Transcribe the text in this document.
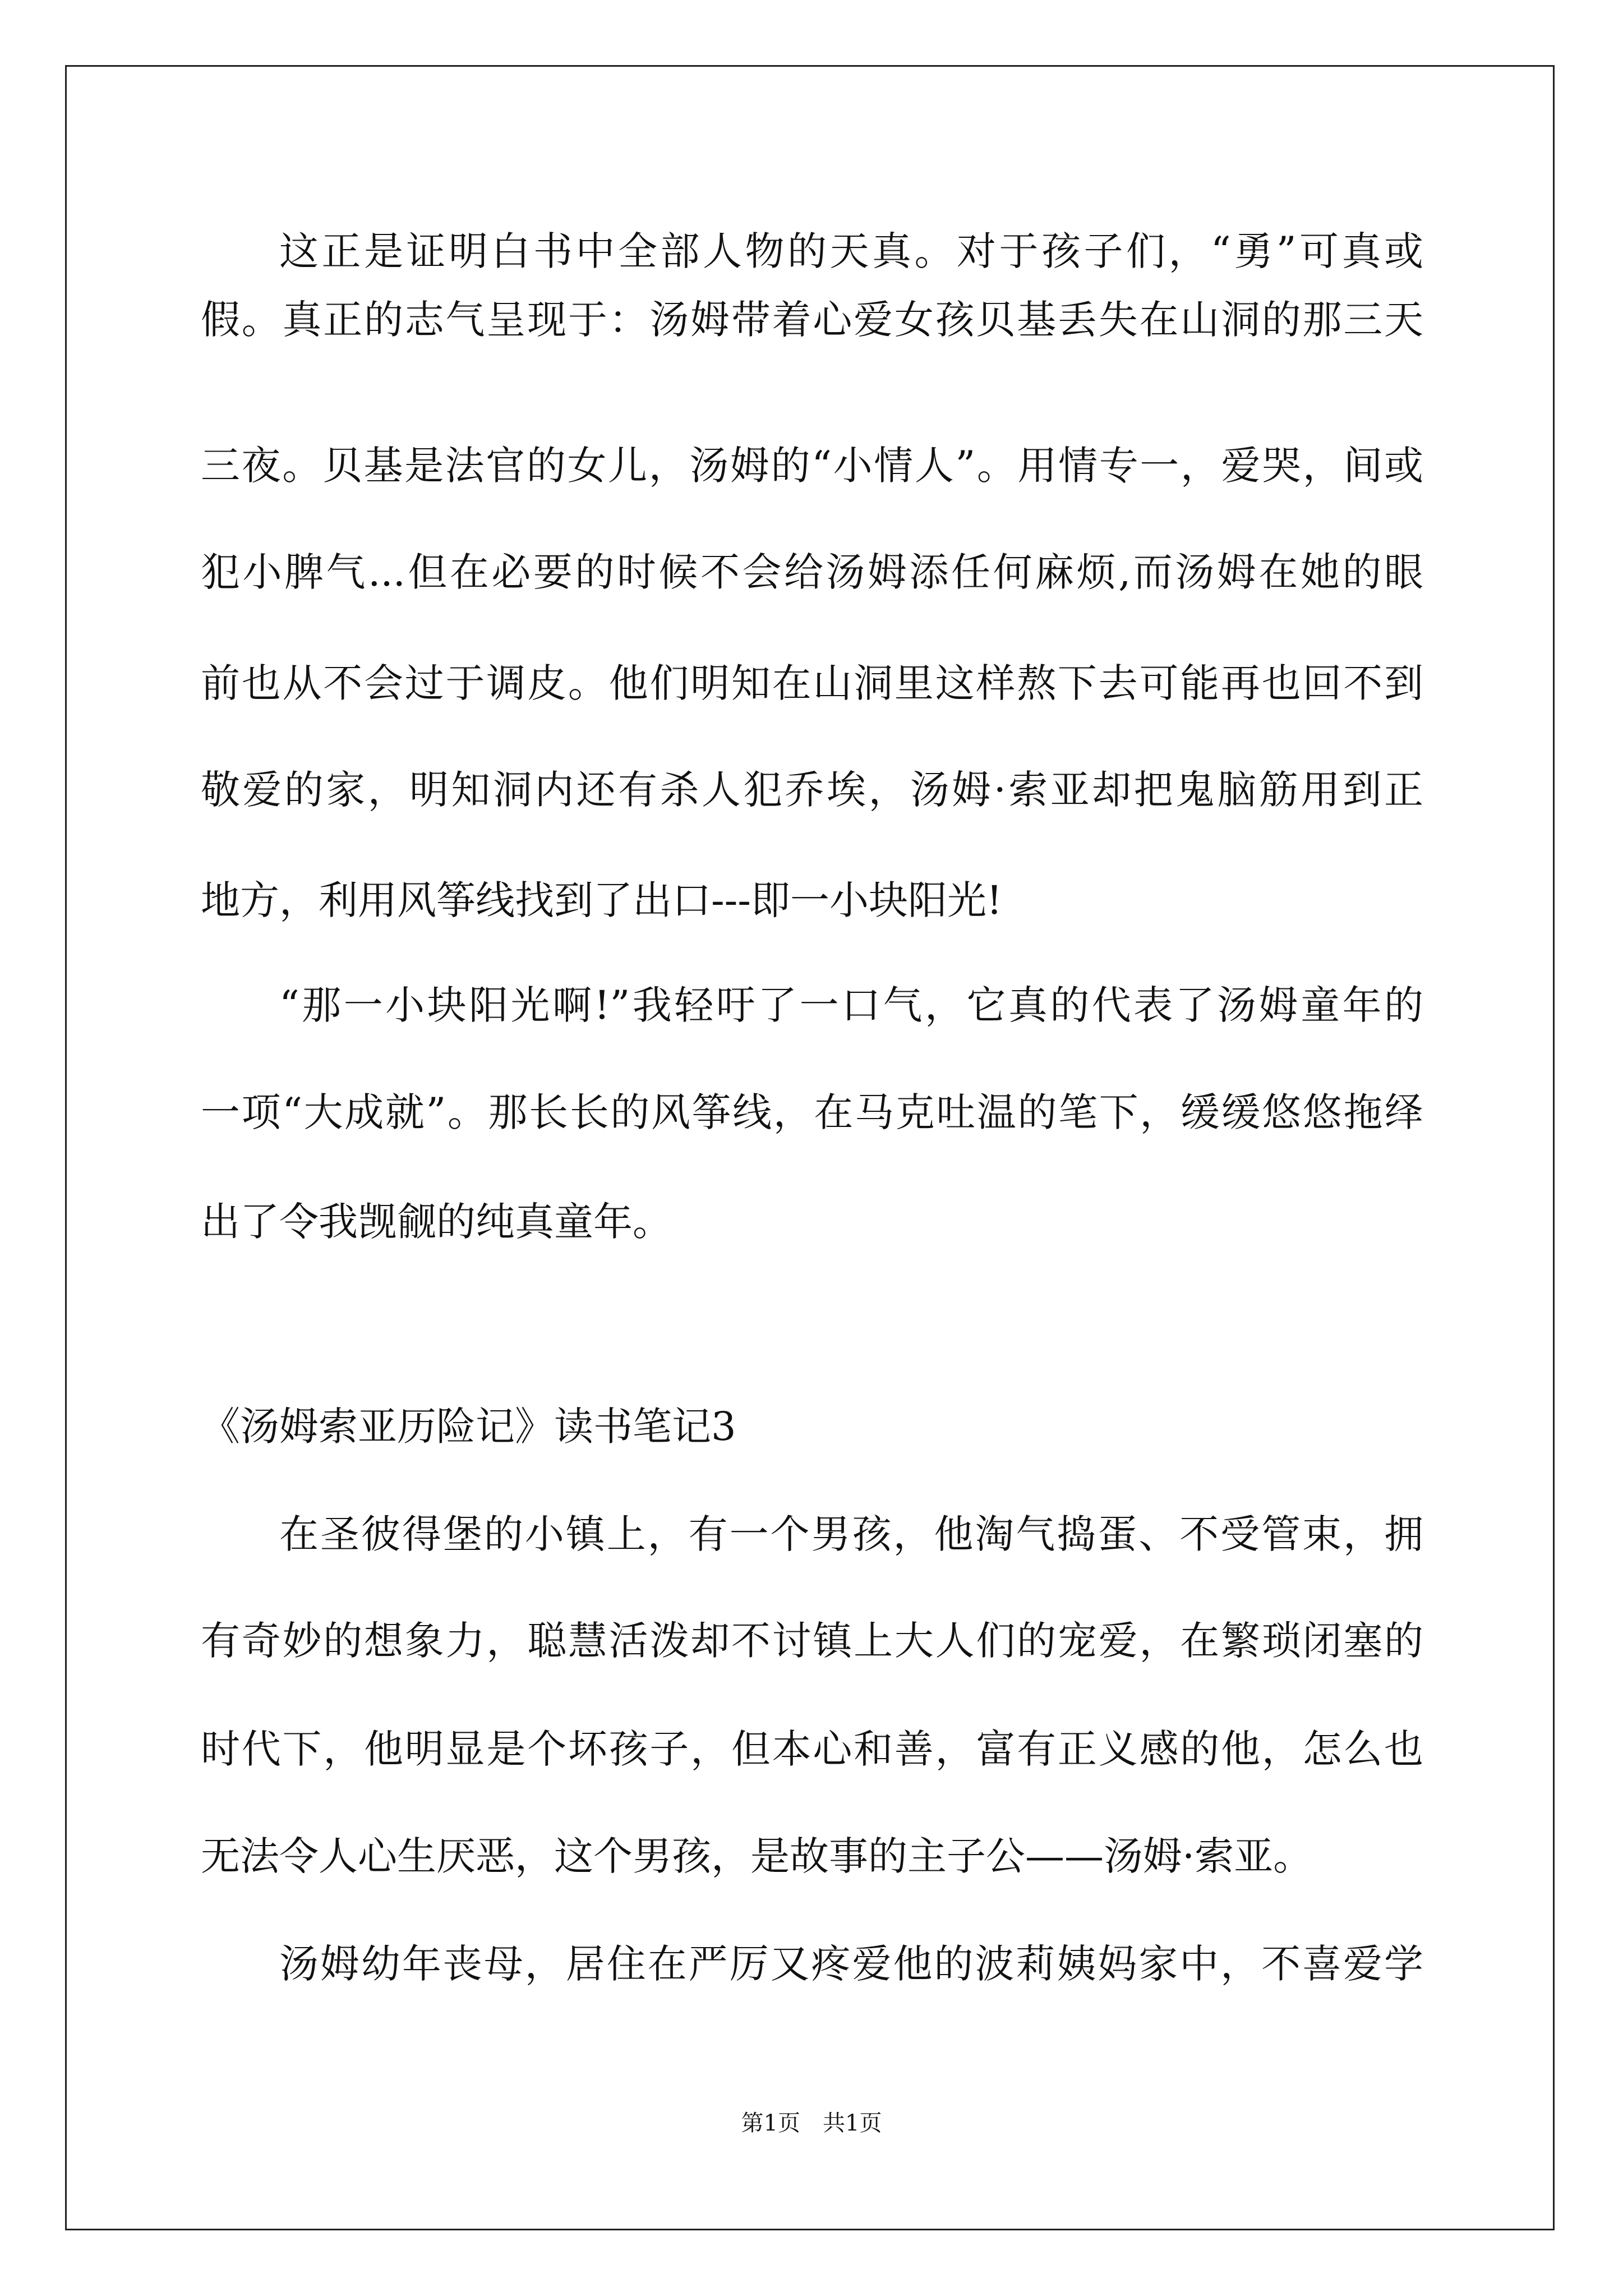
这正是证明白书中全部人物的天真。对于孩子们，“勇”可真或
假。真正的志气呈现于：汤姆带着心爱女孩贝基丢失在山洞的那三天
三夜。贝基是法官的女儿，汤姆的“小情人”。用情专一，爱哭，间或
犯小脾气...但在必要的时候不会给汤姆添任何麻烦,而汤姆在她的眼
前也从不会过于调皮。他们明知在山洞里这样熬下去可能再也回不到
敬爱的家，明知洞内还有杀人犯乔埃，汤姆·索亚却把鬼脑筋用到正
地方，利用风筝线找到了出口---即一小块阳光!
“那一小块阳光啊!”我轻吁了一口气，它真的代表了汤姆童年的
一项“大成就”。那长长的风筝线，在马克吐温的笔下，缓缓悠悠拖绎
出了令我觊觎的纯真童年。
《汤姆索亚历险记》读书笔记3
在圣彼得堡的小镇上，有一个男孩，他淘气捣蛋、不受管束，拥
有奇妙的想象力，聪慧活泼却不讨镇上大人们的宠爱，在繁琐闭塞的
时代下，他明显是个坏孩子，但本心和善，富有正义感的他，怎么也
无法令人心生厌恶，这个男孩，是故事的主子公——汤姆·索亚。
汤姆幼年丧母，居住在严厉又疼爱他的波莉姨妈家中，不喜爱学
第1页　共1页
